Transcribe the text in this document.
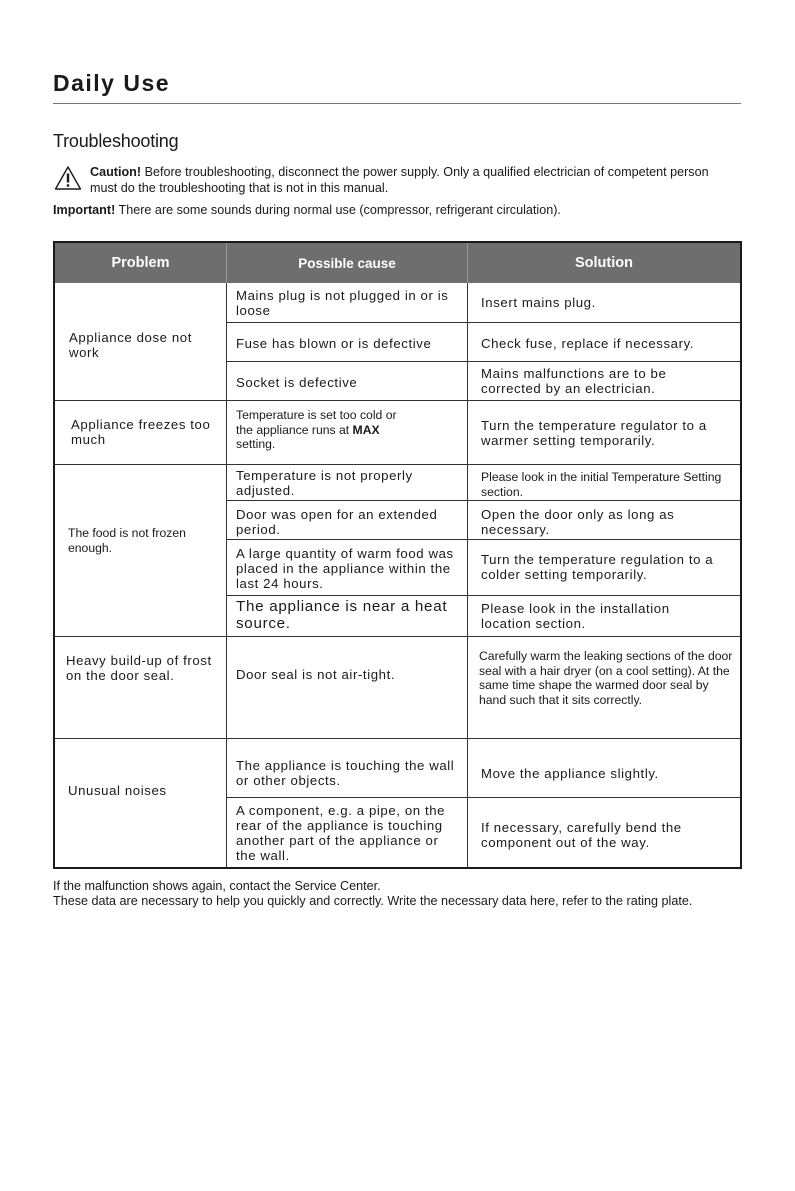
Daily Use
Troubleshooting
Caution! Before troubleshooting, disconnect the power supply. Only a qualified electrician of competent person must do the troubleshooting that is not in this manual.
Important! There are some sounds during normal use (compressor, refrigerant circulation).
Problem	Possible cause	Solution
Appliance dose not work
Appliance freezes too much
The food is not frozen enough.
Heavy build-up of frost on the door seal.
Unusual noises
Mains plug is not plugged in or is loose
Fuse has blown or is defective
Socket is defective
Temperature is set too cold or the appliance runs at MAX setting.
Temperature is not properly adjusted.
Door was open for an extended period.
A large quantity of warm food was placed in the appliance within the last 24 hours.
The appliance is near a heat source.
Door seal is not air-tight.
The appliance is touching the wall or other objects.
A component, e.g. a pipe, on the rear of the appliance is touching another part of the appliance or the wall.
Insert mains plug.
Check fuse, replace if necessary.
Mains malfunctions are to be corrected by an electrician.
Turn the temperature regulator to a warmer setting temporarily.
Please look in the initial Temperature Setting section.
Open the door only as long as necessary.
Turn the temperature regulation to a colder setting temporarily.
Please look in the installation location section.
Carefully warm the leaking sections of the door seal with a hair dryer (on a cool setting). At the same time shape the warmed door seal by hand such that it sits correctly.
Move the appliance slightly.
If necessary, carefully bend the component out of the way.
If the malfunction shows again, contact the Service Center.
These data are necessary to help you quickly and correctly. Write the necessary data here, refer to the rating plate.
